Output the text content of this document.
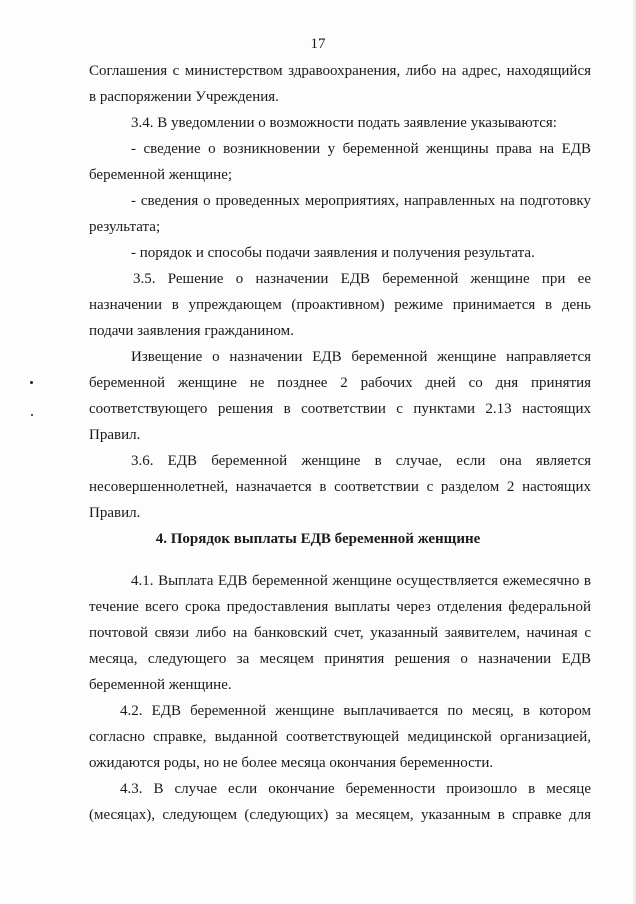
17
Соглашения с министерством здравоохранения, либо на адрес, находящийся
в распоряжении Учреждения.
3.4. В уведомлении о возможности подать заявление указываются:
- сведение о возникновении у беременной женщины права на ЕДВ
беременной женщине;
- сведения о проведенных мероприятиях, направленных на подготовку
результата;
- порядок и способы подачи заявления и получения результата.
3.5. Решение о назначении ЕДВ беременной женщине при ее
назначении в упреждающем (проактивном) режиме принимается в день
подачи заявления гражданином.
Извещение о назначении ЕДВ беременной женщине направляется
беременной женщине не позднее 2 рабочих дней со дня принятия
соответствующего решения в соответствии с пунктами 2.13 настоящих
Правил.
3.6. ЕДВ беременной женщине в случае, если она является
несовершеннолетней, назначается в соответствии с разделом 2 настоящих
Правил.
4. Порядок выплаты ЕДВ беременной женщине
4.1. Выплата ЕДВ беременной женщине осуществляется ежемесячно в
течение всего срока предоставления выплаты через отделения федеральной
почтовой связи либо на банковский счет, указанный заявителем, начиная с
месяца, следующего за месяцем принятия решения о назначении ЕДВ
беременной женщине.
4.2. ЕДВ беременной женщине выплачивается по месяц, в котором
согласно справке, выданной соответствующей медицинской организацией,
ожидаются роды, но не более месяца окончания беременности.
4.3. В случае если окончание беременности произошло в месяце
(месяцах), следующем (следующих) за месяцем, указанным в справке для
